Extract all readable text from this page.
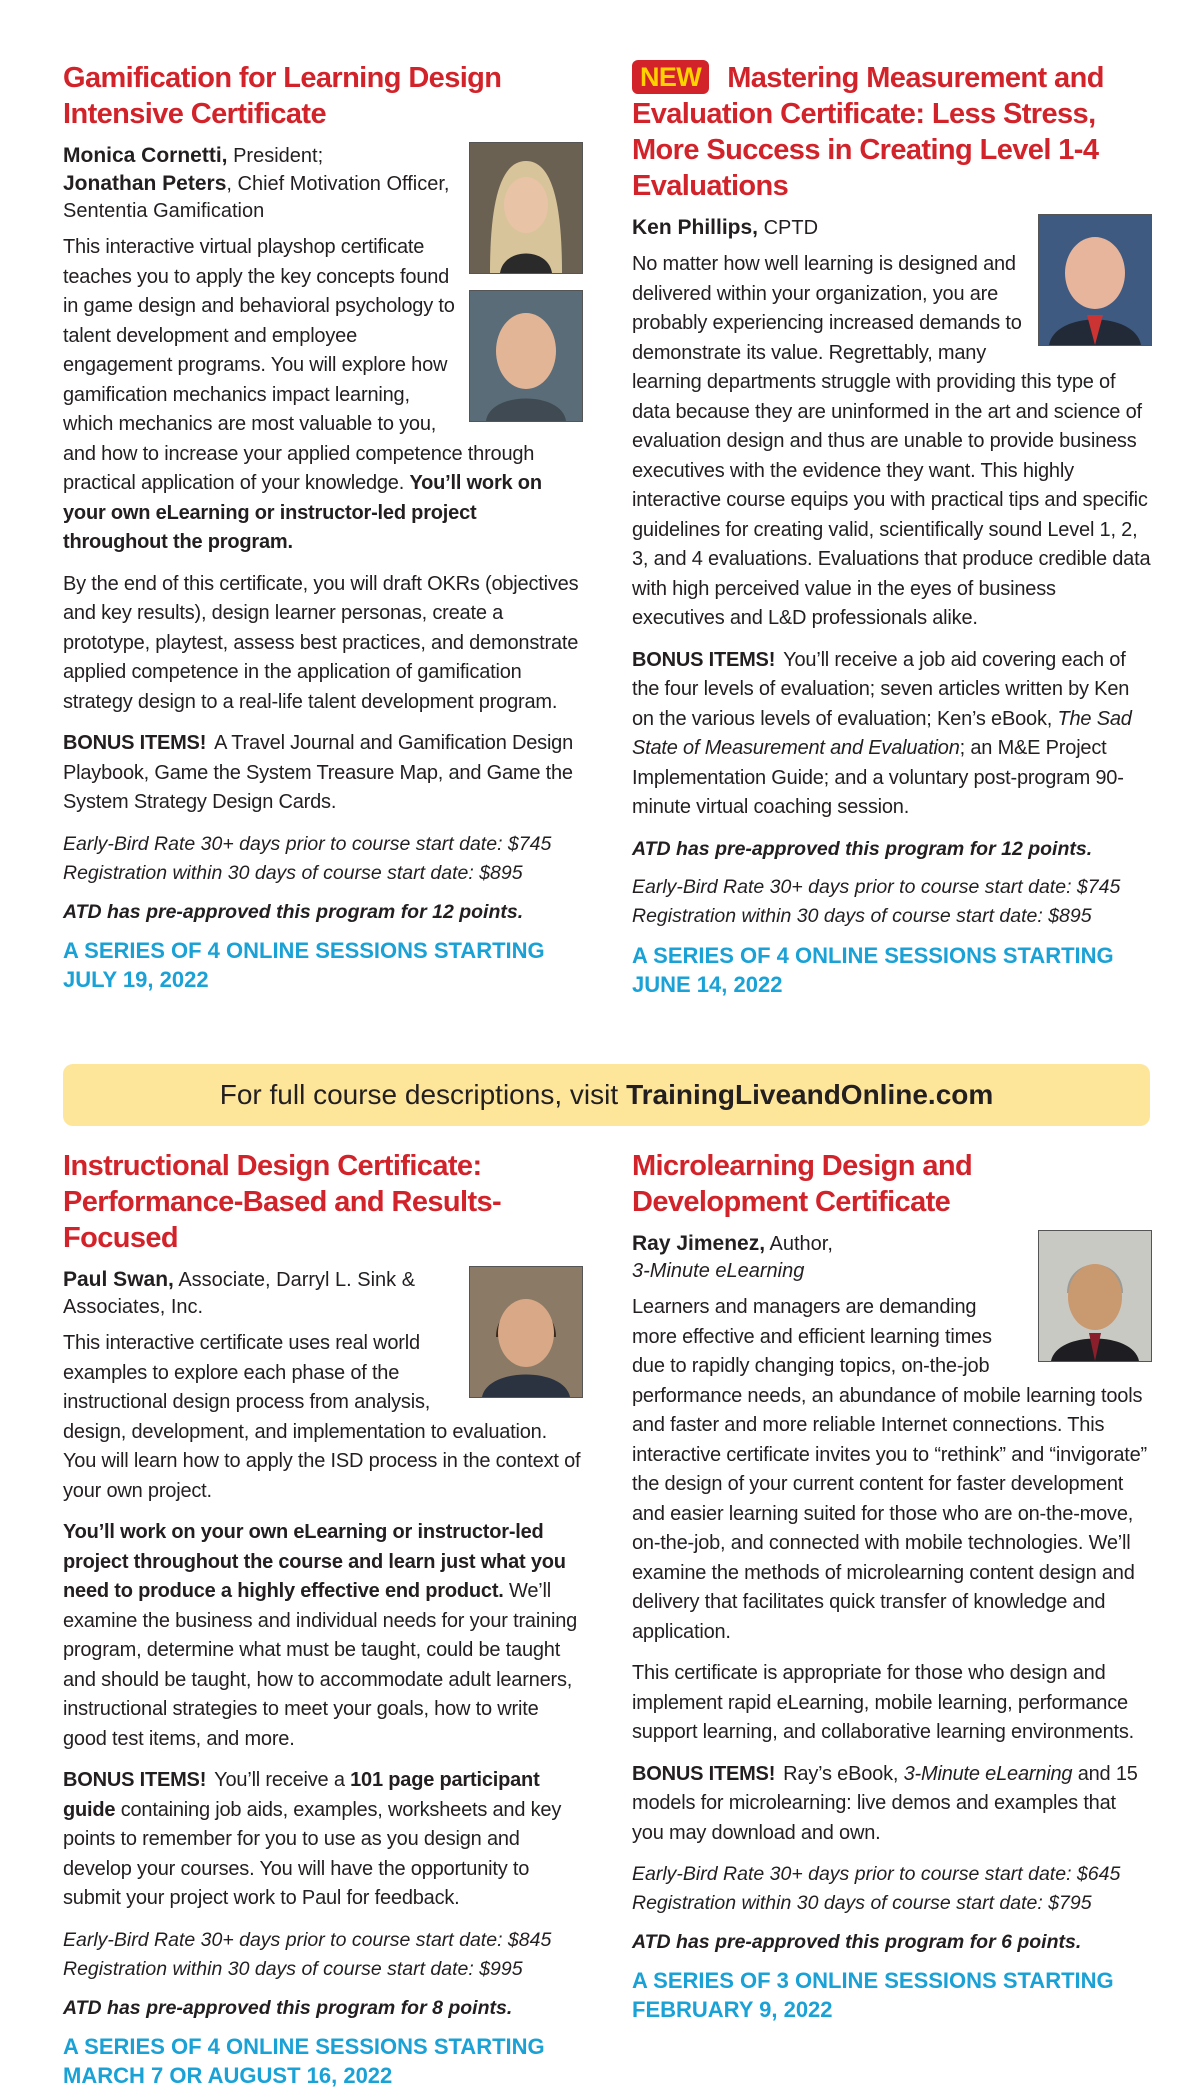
Gamification for Learning Design Intensive Certificate
Monica Cornetti, President;
Jonathan Peters, Chief Motivation Officer, Sententia Gamification

This interactive virtual playshop certificate teaches you to apply the key concepts found in game design and behavioral psychology to talent development and employee engagement programs. You will explore how gamification mechanics impact learning, which mechanics are most valuable to you, and how to increase your applied competence through practical application of your knowledge. You’ll work on your own eLearning or instructor-led project throughout the program.

By the end of this certificate, you will draft OKRs (objectives and key results), design learner personas, create a prototype, playtest, assess best practices, and demonstrate applied competence in the application of gamification strategy design to a real-life talent development program.

BONUS ITEMS! A Travel Journal and Gamification Design Playbook, Game the System Treasure Map, and Game the System Strategy Design Cards.

Early-Bird Rate 30+ days prior to course start date: $745
Registration within 30 days of course start date: $895
ATD has pre-approved this program for 12 points.
A SERIES OF 4 ONLINE SESSIONS STARTING
JULY 19, 2022
NEW Mastering Measurement and Evaluation Certificate: Less Stress, More Success in Creating Level 1-4 Evaluations
Ken Phillips, CPTD

No matter how well learning is designed and delivered within your organization, you are probably experiencing increased demands to demonstrate its value. Regrettably, many learning departments struggle with providing this type of data because they are uninformed in the art and science of evaluation design and thus are unable to provide business executives with the evidence they want. This highly interactive course equips you with practical tips and specific guidelines for creating valid, scientifically sound Level 1, 2, 3, and 4 evaluations. Evaluations that produce credible data with high perceived value in the eyes of business executives and L&D professionals alike.

BONUS ITEMS! You’ll receive a job aid covering each of the four levels of evaluation; seven articles written by Ken on the various levels of evaluation; Ken’s eBook, The Sad State of Measurement and Evaluation; an M&E Project Implementation Guide; and a voluntary post-program 90-minute virtual coaching session.

ATD has pre-approved this program for 12 points.
Early-Bird Rate 30+ days prior to course start date: $745
Registration within 30 days of course start date: $895
A SERIES OF 4 ONLINE SESSIONS STARTING
JUNE 14, 2022
For full course descriptions, visit TrainingLiveandOnline.com
Instructional Design Certificate: Performance-Based and Results-Focused
Paul Swan, Associate, Darryl L. Sink & Associates, Inc.

This interactive certificate uses real world examples to explore each phase of the instructional design process from analysis, design, development, and implementation to evaluation. You will learn how to apply the ISD process in the context of your own project.

You’ll work on your own eLearning or instructor-led project throughout the course and learn just what you need to produce a highly effective end product. We’ll examine the business and individual needs for your training program, determine what must be taught, could be taught and should be taught, how to accommodate adult learners, instructional strategies to meet your goals, how to write good test items, and more.

BONUS ITEMS! You’ll receive a 101 page participant guide containing job aids, examples, worksheets and key points to remember for you to use as you design and develop your courses. You will have the opportunity to submit your project work to Paul for feedback.

Early-Bird Rate 30+ days prior to course start date: $845
Registration within 30 days of course start date: $995
ATD has pre-approved this program for 8 points.
A SERIES OF 4 ONLINE SESSIONS STARTING
MARCH 7 OR AUGUST 16, 2022
Microlearning Design and Development Certificate
Ray Jimenez, Author,
3-Minute eLearning

Learners and managers are demanding more effective and efficient learning times due to rapidly changing topics, on-the-job performance needs, an abundance of mobile learning tools and faster and more reliable Internet connections. This interactive certificate invites you to “rethink” and “invigorate” the design of your current content for faster development and easier learning suited for those who are on-the-move, on-the-job, and connected with mobile technologies. We’ll examine the methods of microlearning content design and delivery that facilitates quick transfer of knowledge and application.

This certificate is appropriate for those who design and implement rapid eLearning, mobile learning, performance support learning, and collaborative learning environments.

BONUS ITEMS! Ray’s eBook, 3-Minute eLearning and 15 models for microlearning: live demos and examples that you may download and own.

Early-Bird Rate 30+ days prior to course start date: $645
Registration within 30 days of course start date: $795
ATD has pre-approved this program for 6 points.
A SERIES OF 3 ONLINE SESSIONS STARTING
FEBRUARY 9, 2022
